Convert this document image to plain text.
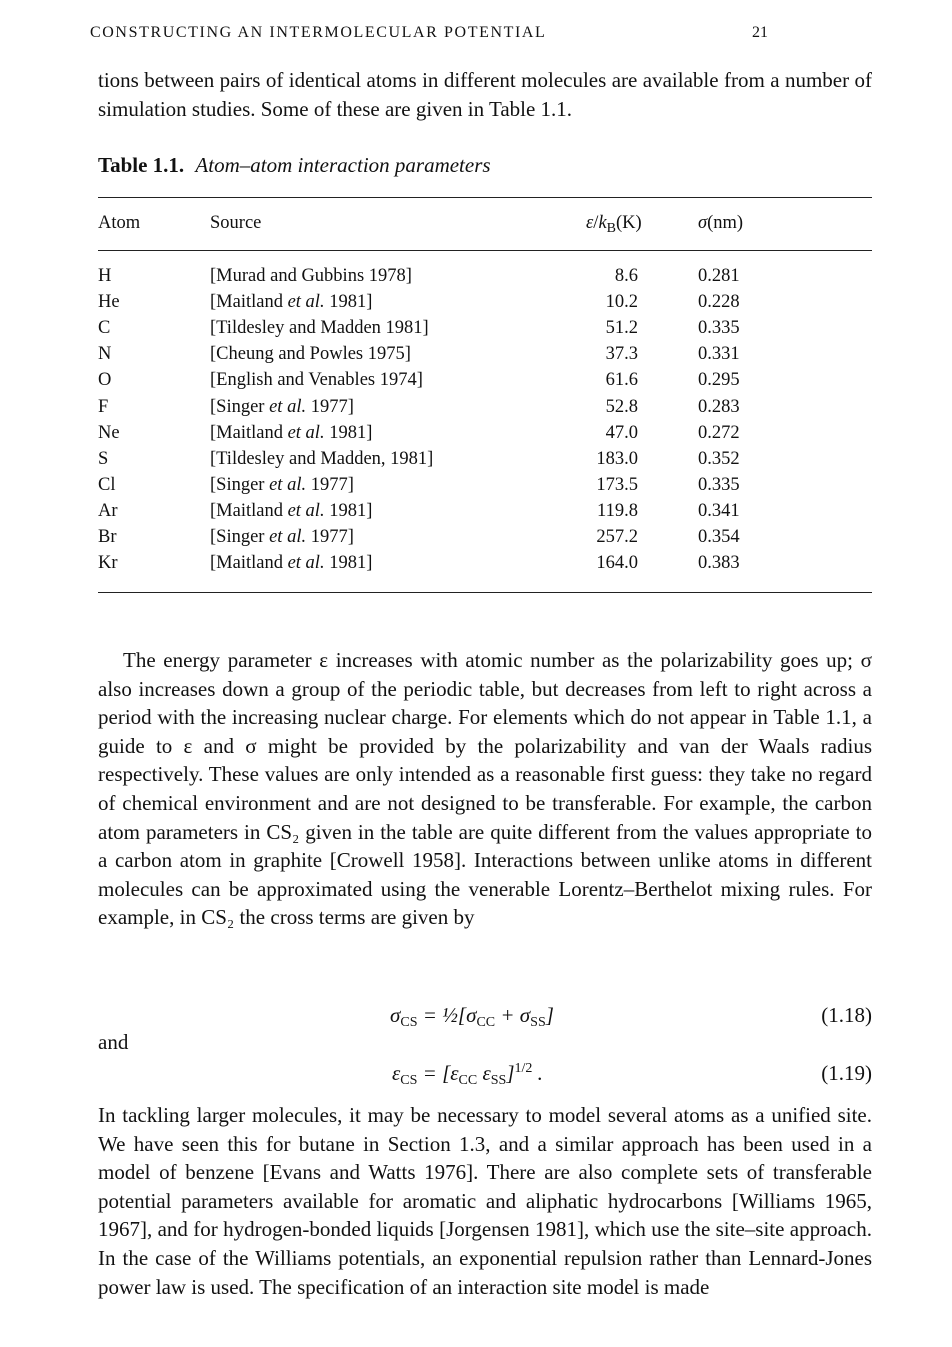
CONSTRUCTING AN INTERMOLECULAR POTENTIAL	21

tions between pairs of identical atoms in different molecules are available from a number of simulation studies. Some of these are given in Table 1.1.

Table 1.1. Atom–atom interaction parameters
Atom	Source	$\varepsilon/k_B(K)$	σ(nm)
H	[Murad and Gubbins 1978]	8.6	0.281
He	[Maitland et al. 1981]	10.2	0.228
C	[Tildesley and Madden 1981]	51.2	0.335
N	[Cheung and Powles 1975]	37.3	0.331
O	[English and Venables 1974]	61.6	0.295
F	[Singer et al. 1977]	52.8	0.283
Ne	[Maitland et al. 1981]	47.0	0.272
S	[Tildesley and Madden, 1981]	183.0	0.352
Cl	[Singer et al. 1977]	173.5	0.335
Ar	[Maitland et al. 1981]	119.8	0.341
Br	[Singer et al. 1977]	257.2	0.354
Kr	[Maitland et al. 1981]	164.0	0.383

The energy parameter ε increases with atomic number as the polarizability goes up; σ also increases down a group of the periodic table, but decreases from left to right across a period with the increasing nuclear charge. For elements which do not appear in Table 1.1, a guide to ε and σ might be provided by the polarizability and van der Waals radius respectively. These values are only intended as a reasonable first guess: they take no regard of chemical environment and are not designed to be transferable. For example, the carbon atom parameters in CS₂ given in the table are quite different from the values appropriate to a carbon atom in graphite [Crowell 1958]. Interactions between unlike atoms in different molecules can be approximated using the venerable Lorentz–Berthelot mixing rules. For example, in CS₂ the cross terms are given by

$\sigma_{CS}$ = $\frac{1}{2}[\sigma_{CC} + \sigma_{SS}]$	(1.18)
and
$\varepsilon_{CS} = [\varepsilon_{CC}$ $\varepsilon_{SS}]^{1/2}$ .	(1.19)

In tackling larger molecules, it may be necessary to model several atoms as a unified site. We have seen this for butane in Section 1.3, and a similar approach has been used in a model of benzene [Evans and Watts 1976]. There are also complete sets of transferable potential parameters available for aromatic and aliphatic hydrocarbons [Williams 1965, 1967], and for hydrogen-bonded liquids [Jorgensen 1981], which use the site–site approach. In the case of the Williams potentials, an exponential repulsion rather than Lennard-Jones power law is used. The specification of an interaction site model is made
